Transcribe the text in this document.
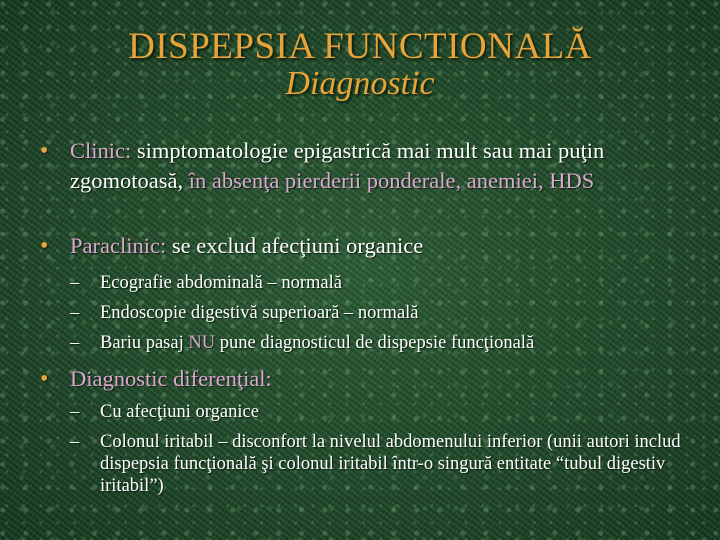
DISPEPSIA FUNCTIONALĂ
Diagnostic
• Clinic: simptomatologie epigastrică mai mult sau mai puţin zgomotoasă, în absenţa pierderii ponderale, anemiei, HDS
• Paraclinic: se exclud afecţiuni organice
– Ecografie abdominală – normală
– Endoscopie digestivă superioară – normală
– Bariu pasaj NU pune diagnosticul de dispepsie funcţională
• Diagnostic diferenţial:
– Cu afecţiuni organice
– Colonul iritabil – disconfort la nivelul abdomenului inferior (unii autori includ dispepsia funcţională şi colonul iritabil într-o singură entitate “tubul digestiv iritabil”)
